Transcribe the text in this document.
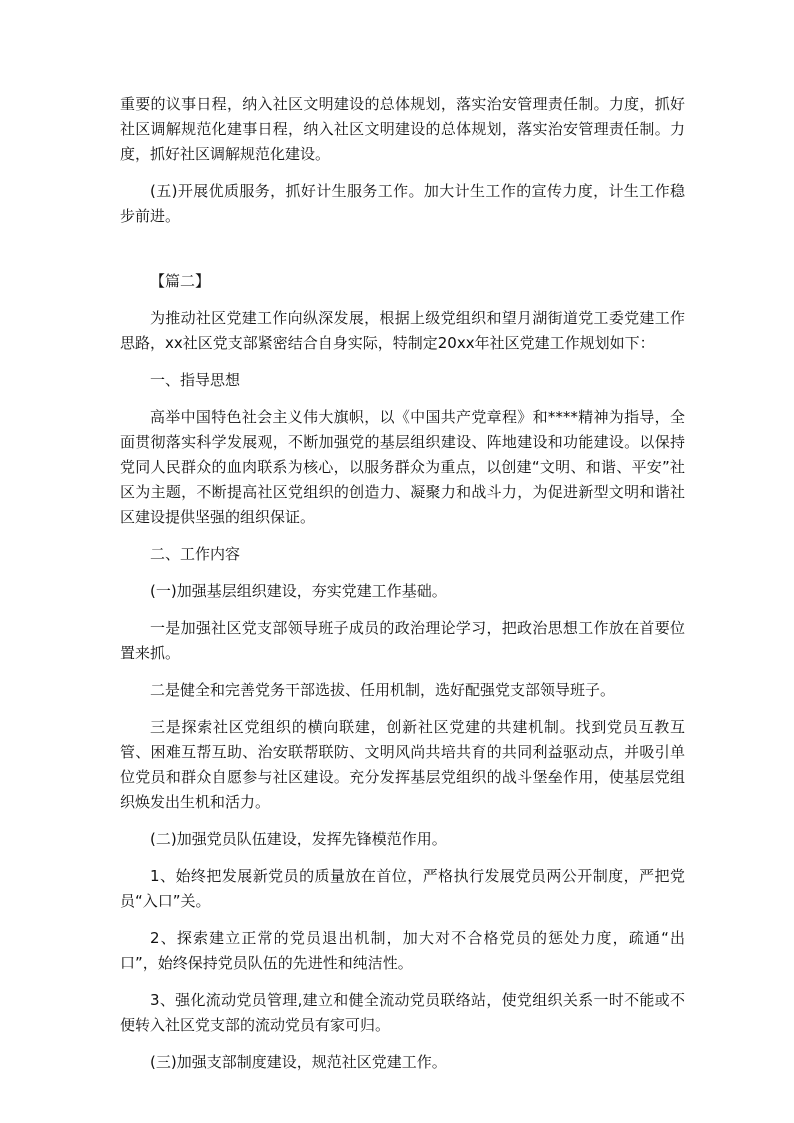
重要的议事日程，纳入社区文明建设的总体规划，落实治安管理责任制。力度，抓好社区调解规范化建事日程，纳入社区文明建设的总体规划，落实治安管理责任制。力度，抓好社区调解规范化建设。

(五)开展优质服务，抓好计生服务工作。加大计生工作的宣传力度，计生工作稳步前进。

【篇二】

为推动社区党建工作向纵深发展，根据上级党组织和望月湖街道党工委党建工作思路，xx社区党支部紧密结合自身实际，特制定20xx年社区党建工作规划如下：

一、指导思想

高举中国特色社会主义伟大旗帜，以《中国共产党章程》和****精神为指导，全面贯彻落实科学发展观，不断加强党的基层组织建设、阵地建设和功能建设。以保持党同人民群众的血肉联系为核心，以服务群众为重点，以创建“文明、和谐、平安”社区为主题，不断提高社区党组织的创造力、凝聚力和战斗力，为促进新型文明和谐社区建设提供坚强的组织保证。

二、工作内容

(一)加强基层组织建设，夯实党建工作基础。

一是加强社区党支部领导班子成员的政治理论学习，把政治思想工作放在首要位置来抓。

二是健全和完善党务干部选拔、任用机制，选好配强党支部领导班子。

三是探索社区党组织的横向联建，创新社区党建的共建机制。找到党员互教互管、困难互帮互助、治安联帮联防、文明风尚共培共育的共同利益驱动点，并吸引单位党员和群众自愿参与社区建设。充分发挥基层党组织的战斗堡垒作用，使基层党组织焕发出生机和活力。

(二)加强党员队伍建设，发挥先锋模范作用。

1、始终把发展新党员的质量放在首位，严格执行发展党员两公开制度，严把党员“入口”关。

2、探索建立正常的党员退出机制，加大对不合格党员的惩处力度，疏通“出口”，始终保持党员队伍的先进性和纯洁性。

3、强化流动党员管理,建立和健全流动党员联络站，使党组织关系一时不能或不便转入社区党支部的流动党员有家可归。

(三)加强支部制度建设，规范社区党建工作。
